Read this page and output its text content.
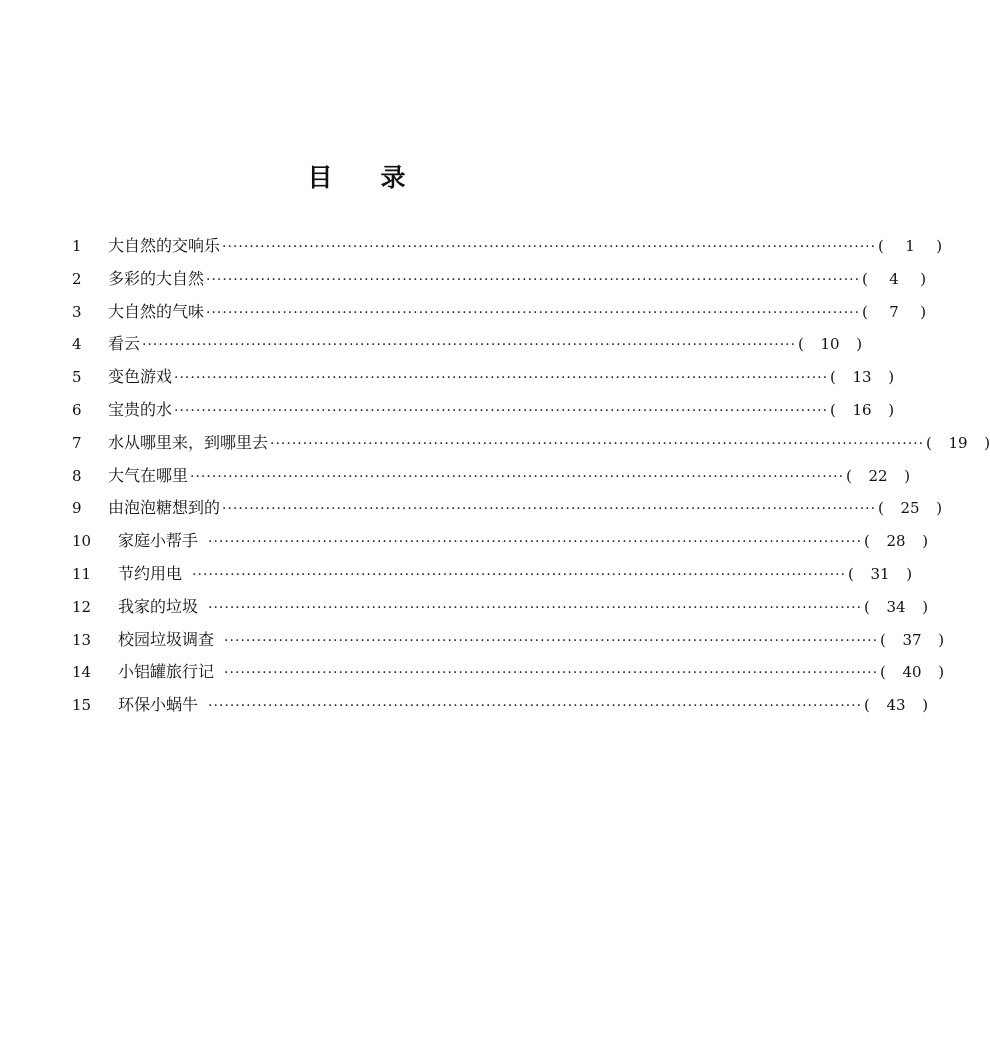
目 录
1	大自然的交响乐 ························································································································ (	1	)
2	多彩的大自然 ························································································································ (	4	)
3	大自然的气味 ························································································································ (	7	)
4	看云 ························································································································ (	10	)
5	变色游戏 ························································································································ (	13	)
6	宝贵的水 ························································································································ (	16	)
7	水从哪里来，到哪里去 ························································································································ (	19	)
8	大气在哪里 ························································································································ (	22	)
9	由泡泡糖想到的 ························································································································ (	25	)
10	家庭小帮手 ························································································································ (	28	)
11	节约用电 ························································································································ (	31	)
12	我家的垃圾 ························································································································ (	34	)
13	校园垃圾调查 ························································································································ (	37	)
14	小铝罐旅行记 ························································································································ (	40	)
15	环保小蜗牛 ························································································································ (	43	)
